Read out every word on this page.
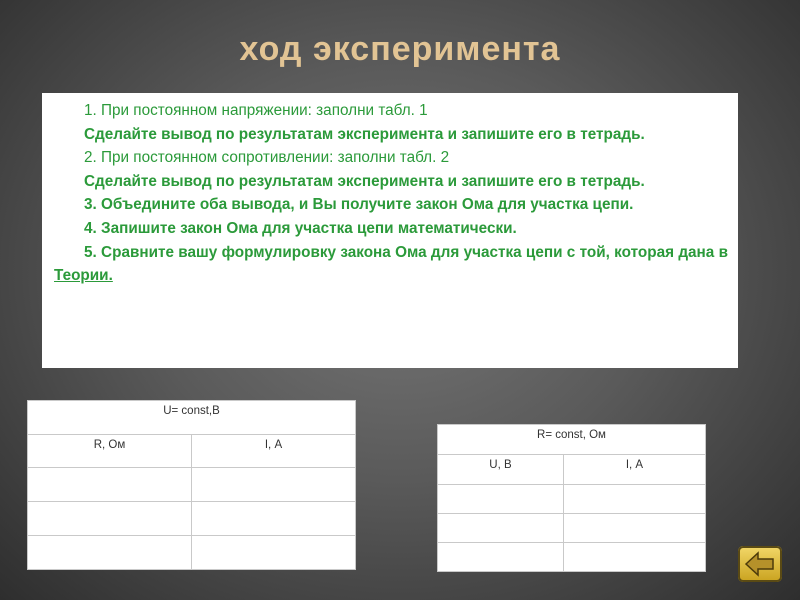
ход эксперимента

1. При постоянном напряжении: заполни табл. 1

Сделайте вывод по результатам эксперимента и запишите его в тетрадь.

2. При постоянном сопротивлении: заполни табл. 2

Сделайте вывод по результатам эксперимента и запишите его в тетрадь.

3. Объедините оба вывода, и Вы получите закон Ома для участка цепи.

4. Запишите закон Ома для участка цепи математически.

5. Сравните вашу формулировку закона Ома для участка цепи с той, которая дана в Теории.

U= const,В	
R, Ом	I, А

R= const, Ом	
U, В	I, А
